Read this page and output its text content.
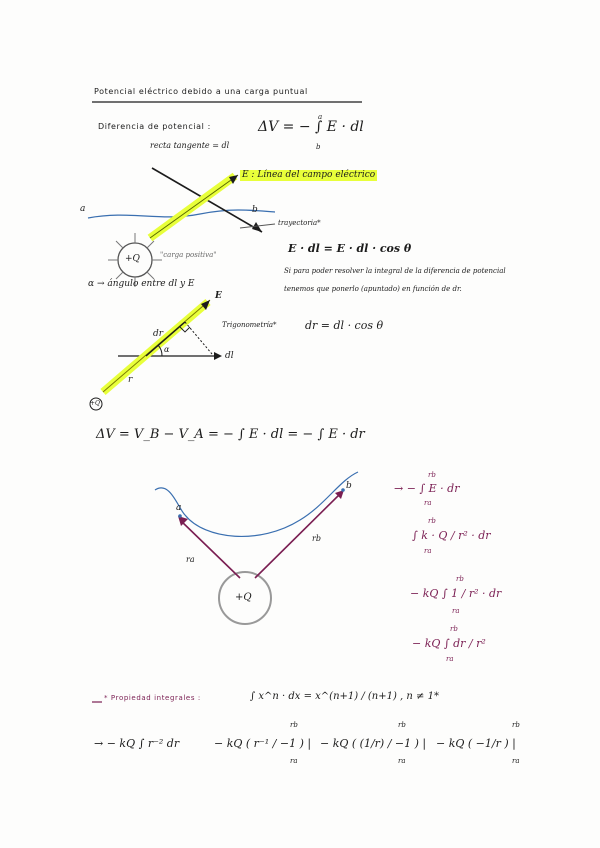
Potencial eléctrico debido a una carga puntual
Diferencia de potencial :	ΔV = − ∫ E · dl
a
b
recta tangente = dl
E : Línea del campo eléctrico
a	b
trayectoria*
+Q	"carga positiva"
α → ángulo entre dl y E
E · dl = E · dl · cos θ
Si para poder resolver la integral de la diferencia de potencial
tenemos que ponerlo (apuntado) en función de dr.
E
dr
α
dl
r
Trigonometría*	dr = dl · cos θ
+Q
ΔV = V_B − V_A = − ∫ E · dl = − ∫ E · dr
a
b
ra
rb
+Q
→ − ∫ E · dr
rb
ra
∫ k · Q / r² · dr
rb
ra
− kQ ∫ 1 / r² · dr
rb
ra
− kQ ∫ dr / r²
rb
ra
* Propiedad integrales :	∫ x^n · dx = x^(n+1) / (n+1) , n ≠ 1*
→ − kQ ∫ r⁻² dr	− kQ ( r⁻¹ / −1 ) | − kQ ( (1/r) / −1 ) | − kQ ( −1/r ) |
rb
ra
rb
ra
rb
ra
